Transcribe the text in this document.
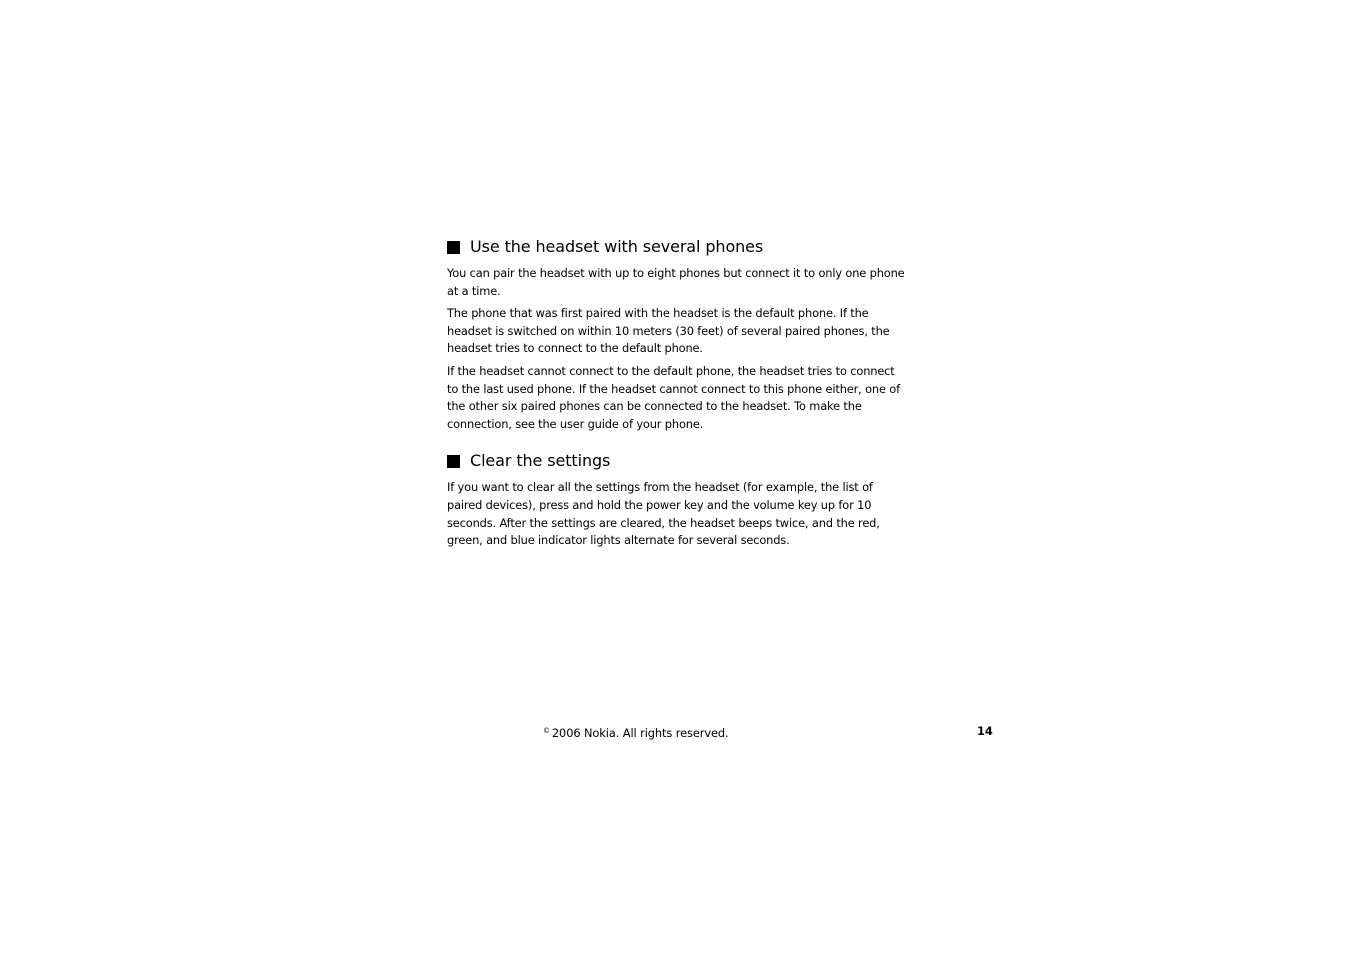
Use the headset with several phones

You can pair the headset with up to eight phones but connect it to only one phone at a time.

The phone that was first paired with the headset is the default phone. If the headset is switched on within 10 meters (30 feet) of several paired phones, the headset tries to connect to the default phone.

If the headset cannot connect to the default phone, the headset tries to connect to the last used phone. If the headset cannot connect to this phone either, one of the other six paired phones can be connected to the headset. To make the connection, see the user guide of your phone.

Clear the settings

If you want to clear all the settings from the headset (for example, the list of paired devices), press and hold the power key and the volume key up for 10 seconds. After the settings are cleared, the headset beeps twice, and the red, green, and blue indicator lights alternate for several seconds.

© 2006 Nokia. All rights reserved.	14
